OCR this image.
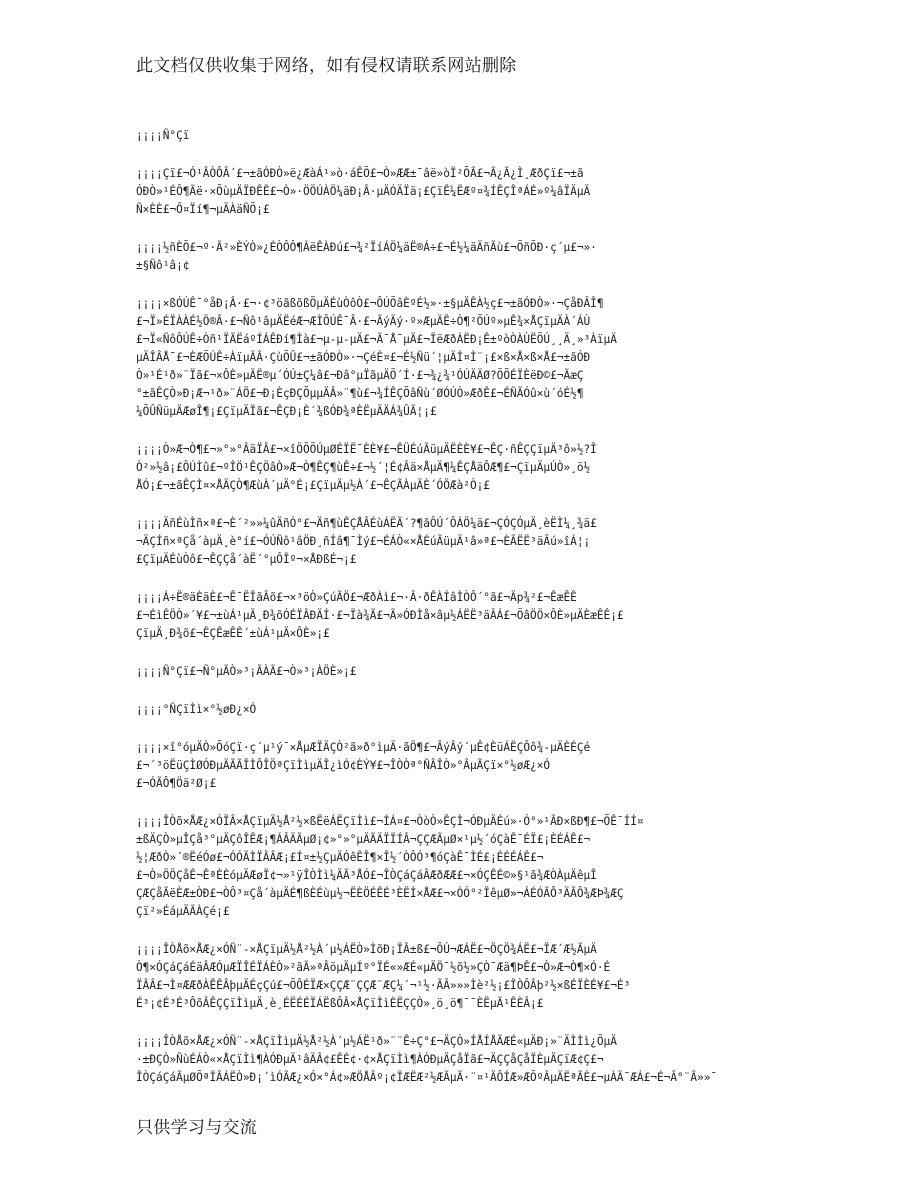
此文档仅供收集于网络，如有侵权请联系网站删除

¡¡¡¡Ñ°Çï

¡¡¡¡Çï£¬Ó¹ÂÒÔÂ´£¬±ãÓÐÒ»ë¿ÆàÁ¹»ò·áÊÕ£¬Ò»ÆÆ±¯âë»òÏ²ÕÃ£¬Ã¿Ã¿Ì¸ÆðÇï£¬±ã
ÓÐÒ»¹ÉÔ¶Ãë·×ÕùµÄÏÐÊÊ£¬Ò»·ÖÖÚÀÖ¼äÐ¡Â·µÄÓÄÏä¡£ÇïÊ¼ËÆº¤¾ÍÊÇÎªÁÉ»º¼âÏÄµÄ
Ñ×ÈÈ£¬Ô¤Ïí¶¬µÄÀäÑÕ¡£

¡¡¡¡½ñÈÕ£¬º·Ã²»ÈÝÒ»¿ÉÒÔÔ¶ÀëÊÀÐú£¬¾²ÏíÁÖ¼äË®Á÷£¬É½¼äÄñÃù£¬ÕñÕÐ·ç´µ£¬»·
±§Ñô¹â¡¢

¡¡¡¡×ßÓÚÊ¯°åÐ¡Â·£¬·¢³öãßõßÕµÄÉùÒôÒ£¬ÔÚÕâÈºÉ½»·±§µÄÊÀ½ç£¬±ãÓÐÒ»·¬ÇåÐÂÎ¶
£¬Ï»ÉÏÀÀÉ½Ö®Â·£¬Ñô¹âµÄËéÆ¬ÆÌÔÚÊ¯Â·£¬ÃýÃý·º»ÆµÄÊ÷Ò¶²ÕÚº»µÊ¾×ÅÇïµÄÀ´ÁÙ
£¬Ï«ÑôÔÚÊ÷Òñ¹ÏÃËáºÍÁÊÐí¶Ìà£¬µ-µ-µÄ£¬Ã¯Å¯µÄ£¬ÏëÆðÁËÐ¡Ê±ºòÒÀÙËÕÚ¸¸Ä¸»³ÀïµÄ
µÄÎÂÅ¯£¬ÈÆÕÚÊ÷ÀïµÄÂ·ÇùÕÛ£¬±ãÓÐÒ»·¬ÇéÈ¤£¬É½Ñü´¦µÄÍ¤Ì¨¡£×ß×Å×ß×Å£¬±ãÓÐ
Ò»¹É¹ð»¨Ïã£¬×ÔÈ»µÄË®µ´ÓÚ±Ç¼â£¬Ðâ°µÏãµÄÕ´Í·£¬¾¿¾¹ÓÚÄÄØ?ÕÕÉÏÈëÐ©£¬ÃæÇ
°±ãÊÇÒ»Ð¡Æ¬¹ð»¨ÁÖ£¬Ð¡ÈçÐÇÕµµÄÂ»¨¶ù£¬¾ÍÊÇÕâÑù´ØÓÚÒ»ÆðÊ£¬ÉÑÃÓû×ù´óÉ½¶
¼ÕÛÑüµÄÆøÎ¶¡£ÇïµÄÏã£¬ÊÇÐ¡È´¾ßÓÐ¾ªÈËµÄÄÁ¾ÛÃ¦¡£

¡¡¡¡Ò»Æ¬Ò¶£¬»°»°ÂäÏÂ£¬×îÖÕÕÚµØÉÏË¯ÈÈ¥£¬ÊÜÉúÃüµÄËÈÈ¥£¬ÊÇ·ñÊÇÇïµÄ³ô»½?Î
Ò²»½â¡£ÔÚÌû£¬ºÎÖ¹ÊÇÖâÒ»Æ¬Ò¶ÊÇ¶ùÊ÷£¬½´¦É¢Âä×ÅµÄ¶¼ÊÇÅäÔÆ¶£¬ÇïµÄµÚÒ»¸ö½
ÅÓ¡£¬±ãÊÇÌ¤×ÅÄÇÒ¶ÆùÀ´µÄ°É¡£ÇïµÄµ½À´£¬ÊÇÃÀµÄÈ´ÓÖÆà²Ò¡£

¡¡¡¡ÄñÉùÌñ×ª£¬È´²»»¼ûÄñÓ°£¬Äñ¶ùÊÇÅÂÉùÁËÃ´?¶ãÔÚ´ÔÁÖ¼ä£¬ÇÓÇÓµÄ¸èËÌ¼¸¾ä£
¬ÄÇÍñ×ªÇå´àµÄ¸è°í£¬ÓÚÑô¹âÖÐ¸ñÍâ¶¯Ìý£¬ÉÁÒ«×ÅÉúÃüµÄ¹â»ª£¬ÈÃËË³äÂú»îÁ¦¡
£ÇïµÄÉùÒô£¬ÊÇÇå´àË´°µÔÎº¬×ÅÐßÉ¬¡£

¡¡¡¡Á÷Ë®äÈäÈ£¬Ê¯ËÎãÂõ£¬×³öÒ»ÇúÃÖ£¬ÆðÀì£¬·Â·ðÊÀÍâÌÒÔ´°ã£¬Äp¾²£¬ÊæÊÊ
£¬ÉìÊÖÒ»´¥£¬±ùÁ¹µÄ¸Ð¾õÓÉÏÂÐÄÍ·£¬Ïà¾Ã£¬Ã»ÓÐÌå×âµ½ÁËË³äÂÁ£¬ÕâÖÖ×ÔÈ»µÄÈæÊÊ¡£
ÇïµÄ¸Ð¾õ£¬ÊÇÊæÊÊ´±ùÁ¹µÄ×ÔÈ»¡£

¡¡¡¡Ñ°Çï£¬Ñ°µÃÒ»³¡ÃÀÃ£¬Ò»³¡ÀÖÈ»¡£

¡¡¡¡°ÑÇïÌì×°½øÐ¿×Ó

¡¡¡¡×î°óµÄÒ»ÕóÇï·ç´µ¹ý¯×ÅµÆÏÄÇÒ²ã»ð°ìµÄ·ãÖ¶£¬ÂýÂý´µÊ¢ÈüÁËÇÔô¾-µÄÈÉÇé
£¬´³öËüÇÌØÓÐµÄÃÃÎÌÔÎÖªÇïÌìµÄÎ¿ìÓ¢ÈÝ¥£¬ÎÒÒª°ÑÂÎÒ»°ÂµÃÇï×°½øÆ¿×Ó
£¬ÓÃÔ¶Öä²Ø¡£

¡¡¡¡ÎÒõ×ÅÆ¿×ÓÏÂ×ÅÇïµÄ½Å²½×ßËëÁËÇïÌì£¬ÍÁ¤£¬ÒòÒ»ÊÇÌ¬ÓÐµÄÉú»·Ó°»¹ÃÐ×ßÐ¶£¬ÕÊ¯ÍÍ¤
±ßÄÇÒ»µÎÇå³°µÄÇôÎÊÆ¡¶ÁÂÄÃµØ¡¢»°»°µÄÃÄÏÏÍÂ¬ÇÇÆÃµØ×¹µ½´óÇàÊ¯ÉÏ£¡ÈÉÁÊ£¬
½¦ÆðÒ»´®ËéÓø£¬ÓÓÃÌÏÂÂÆ¡£Í¤±½ÇµÄÓêÊÎ¶×Î½´ÒÔÓ³¶óÇàÊ¯ÌÉ£¡ÉÉÉÁÊ£¬
£¬Ò»ÖÖÇåÊ¬ÊªÈÈóµÄÆøÏ¢¬»¹ÿÎÒÌì¼ÄÃ³ÅÓ£¬ÎÒÇáÇáÂÆðÆÆ£¬×ÓÇÊÉ©»§¹ã¾ÆÒÀµÄêµÎ
ÇÆÇåÃëÈÆ±ÒÐ£¬ÒÔ³¤Çå´àµÄÉ¶ßÈÉùµ½¬ËÈÖÉÊÉ³ÈËÍ×ÅÆ£¬×ÓÓ°²ÏêµØ»¬ÁÉÓÃÔ³ÄÃÔ¾ÆÞ¾ÆÇ
Çï²»ÉáµÄÃÀÇé¡£

¡¡¡¡ÎÒÅõ×ÅÆ¿×ÓÑ¨-×ÅÇïµÄ½Å²½À´µ½ÁËÒ»ÌõÐ¡ÏÂ±ß£¬ÔÚ¬ÆÁË£¬ÖÇÖ¾ÁË£¬ÏÆ´Æ½ÃµÄ
Ò¶×ÓÇáÇáÉäÂÆÓµÆÏÎÉÏÁÈÒ»²ãÃ»ªÂöµÄµÍº°ÏÉ«»ÆÉ«µÄÖ¯½õ½»ÇÒ¯Æä¶ÞÊ£¬Ò»Æ¬Ò¶×Ó·É
ÏÂÂ£¬Ì¤ÆÆðÀÊÊÂþµÄÉçÇú£¬ÕÔÉÏÆ×ÇÇÆ¨ÇÇÆ¨ÆÇ¼´¬¹½·ÃÂ»»»Ìè²½¡£ÎÒÔÂþ²½×ßÉÏÈÉ¥£¬É³
É³¡¢É³É³ÔõÂÊÇÇïÌìµÄ¸è¸ÉËÉÉÏÁËßÔÂ×ÅÇïÌìÈËÇÇÒ»¸ö¸ö¶¯¯ÈËµÃ¹ÊÈÂ¡£

¡¡¡¡ÎÒÅõ×ÅÆ¿×ÓÑ¨-×ÅÇïÌìµÄ½Å²½À´µ½ÁË¹ð»¨¨Ê÷Ç°£¬ÄÇÒ»ÍÅÍÅÃÆÉ«µÄÐ¡»¨ÄÌÌì¿ÕµÄ
·±ÐÇÒ»ÑùÉÁÒ«×ÅÇïÌì¶ÀÓÐµÄ¹âÄÂ¢£ÊÉ¢·¢×ÅÇïÌì¶ÀÓÐµÄÇåÏã£¬ÄÇÇåÇåÏÈµÄÇïÆ¢Ç£¬
ÎÒÇáÇáÃµØÕªÏÂÁËÒ»Ð¡´ìÓÃÆ¿×Ó×°Á¢»ÆÖÅÂº¡¢ÏÆËÆ²½ÆÃµÃ·¨¤¹ÄÔÍÆ»ÆÕºÂµÄËªÃÈ£¬µÀÄ¯ÆÁ£¬É¬Â°¨Ã»»¯

只供学习与交流
